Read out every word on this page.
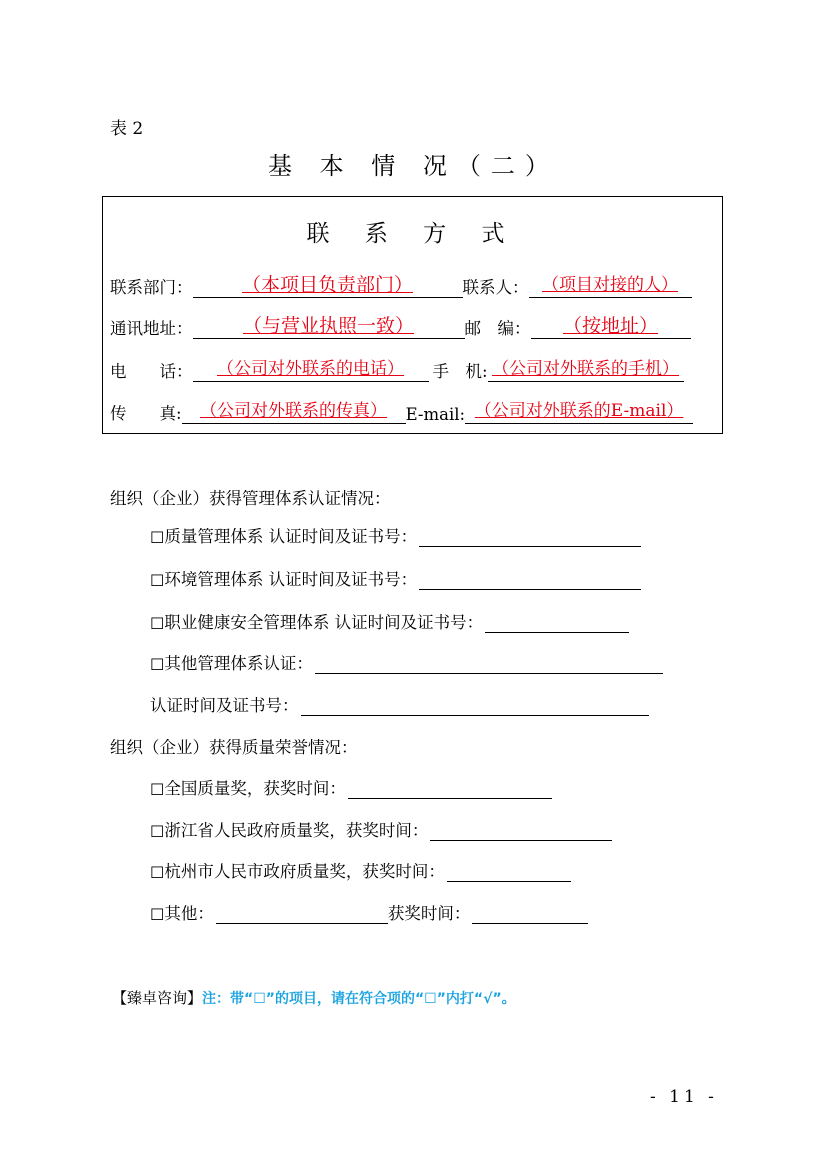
表 2
基 本 情 况（二）
联 系 方 式
联系部门：	（本项目负责部门）	联系人： （项目对接的人）
通讯地址：	（与营业执照一致）	邮　编：	（按地址）
电　　话：	（公司对外联系的电话）	手　机: （公司对外联系的手机）
传　　真:	（公司对外联系的传真）	E-mail: （公司对外联系的E-mail）
组织（企业）获得管理体系认证情况：
☐ 质量管理体系 认证时间及证书号：
☐ 环境管理体系 认证时间及证书号：
☐ 职业健康安全管理体系 认证时间及证书号：
☐ 其他管理体系认证：
认证时间及证书号：
组织（企业）获得质量荣誉情况：
☐ 全国质量奖，获奖时间：
☐ 浙江省人民政府质量奖，获奖时间：
☐ 杭州市人民市政府质量奖，获奖时间：
☐ 其他：	获奖时间：
【臻卓咨询】注：带“☐”的项目，请在符合项的“☐”内打“√”。
- 11 -
